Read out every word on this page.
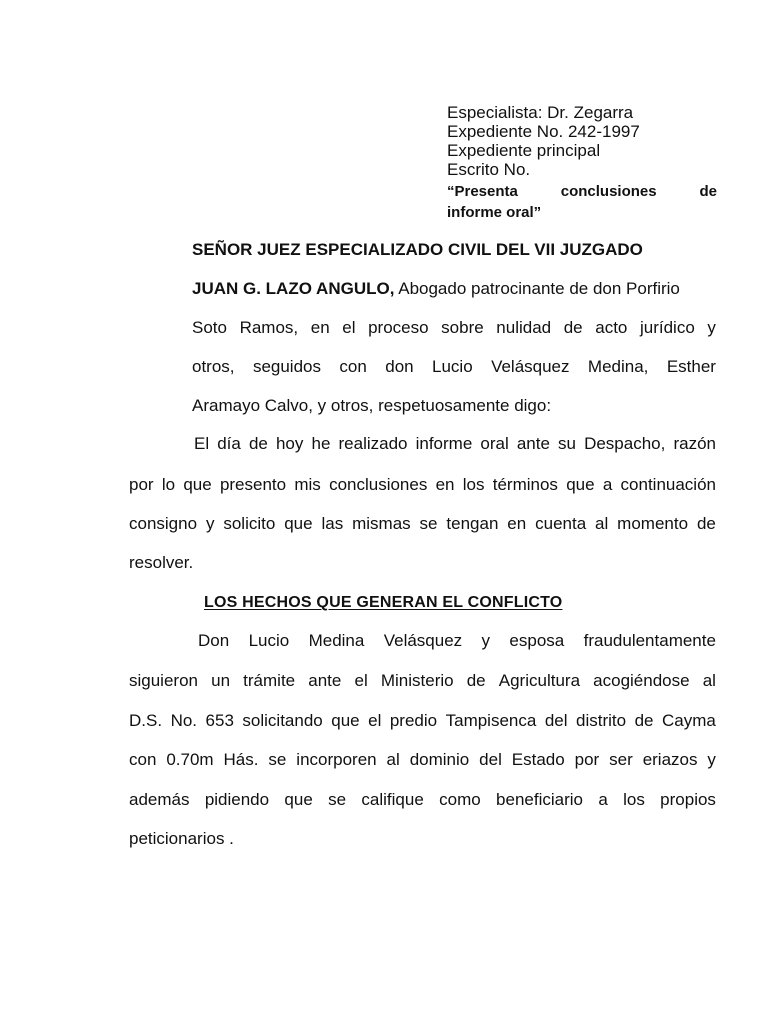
Especialista: Dr. Zegarra
Expediente No. 242-1997
Expediente principal
Escrito No.
“Presenta	conclusiones	de
informe oral”
SEÑOR JUEZ ESPECIALIZADO CIVIL DEL VII JUZGADO
JUAN G. LAZO ANGULO, Abogado patrocinante de don Porfirio
Soto Ramos, en el proceso sobre nulidad de acto jurídico y
otros, seguidos con don Lucio Velásquez Medina, Esther
Aramayo Calvo, y otros, respetuosamente digo:
El día de hoy he realizado informe oral ante su Despacho, razón
por lo que presento mis conclusiones en los términos que a continuación
consigno y solicito que las mismas se tengan en cuenta al momento de
resolver.
LOS HECHOS QUE GENERAN EL CONFLICTO
Don Lucio Medina Velásquez y esposa fraudulentamente
siguieron un trámite ante el Ministerio de Agricultura acogiéndose al
D.S. No. 653 solicitando que el predio Tampisenca del distrito de Cayma
con 0.70m Hás. se incorporen al dominio del Estado por ser eriazos y
además pidiendo que se califique como beneficiario a los propios
peticionarios .
